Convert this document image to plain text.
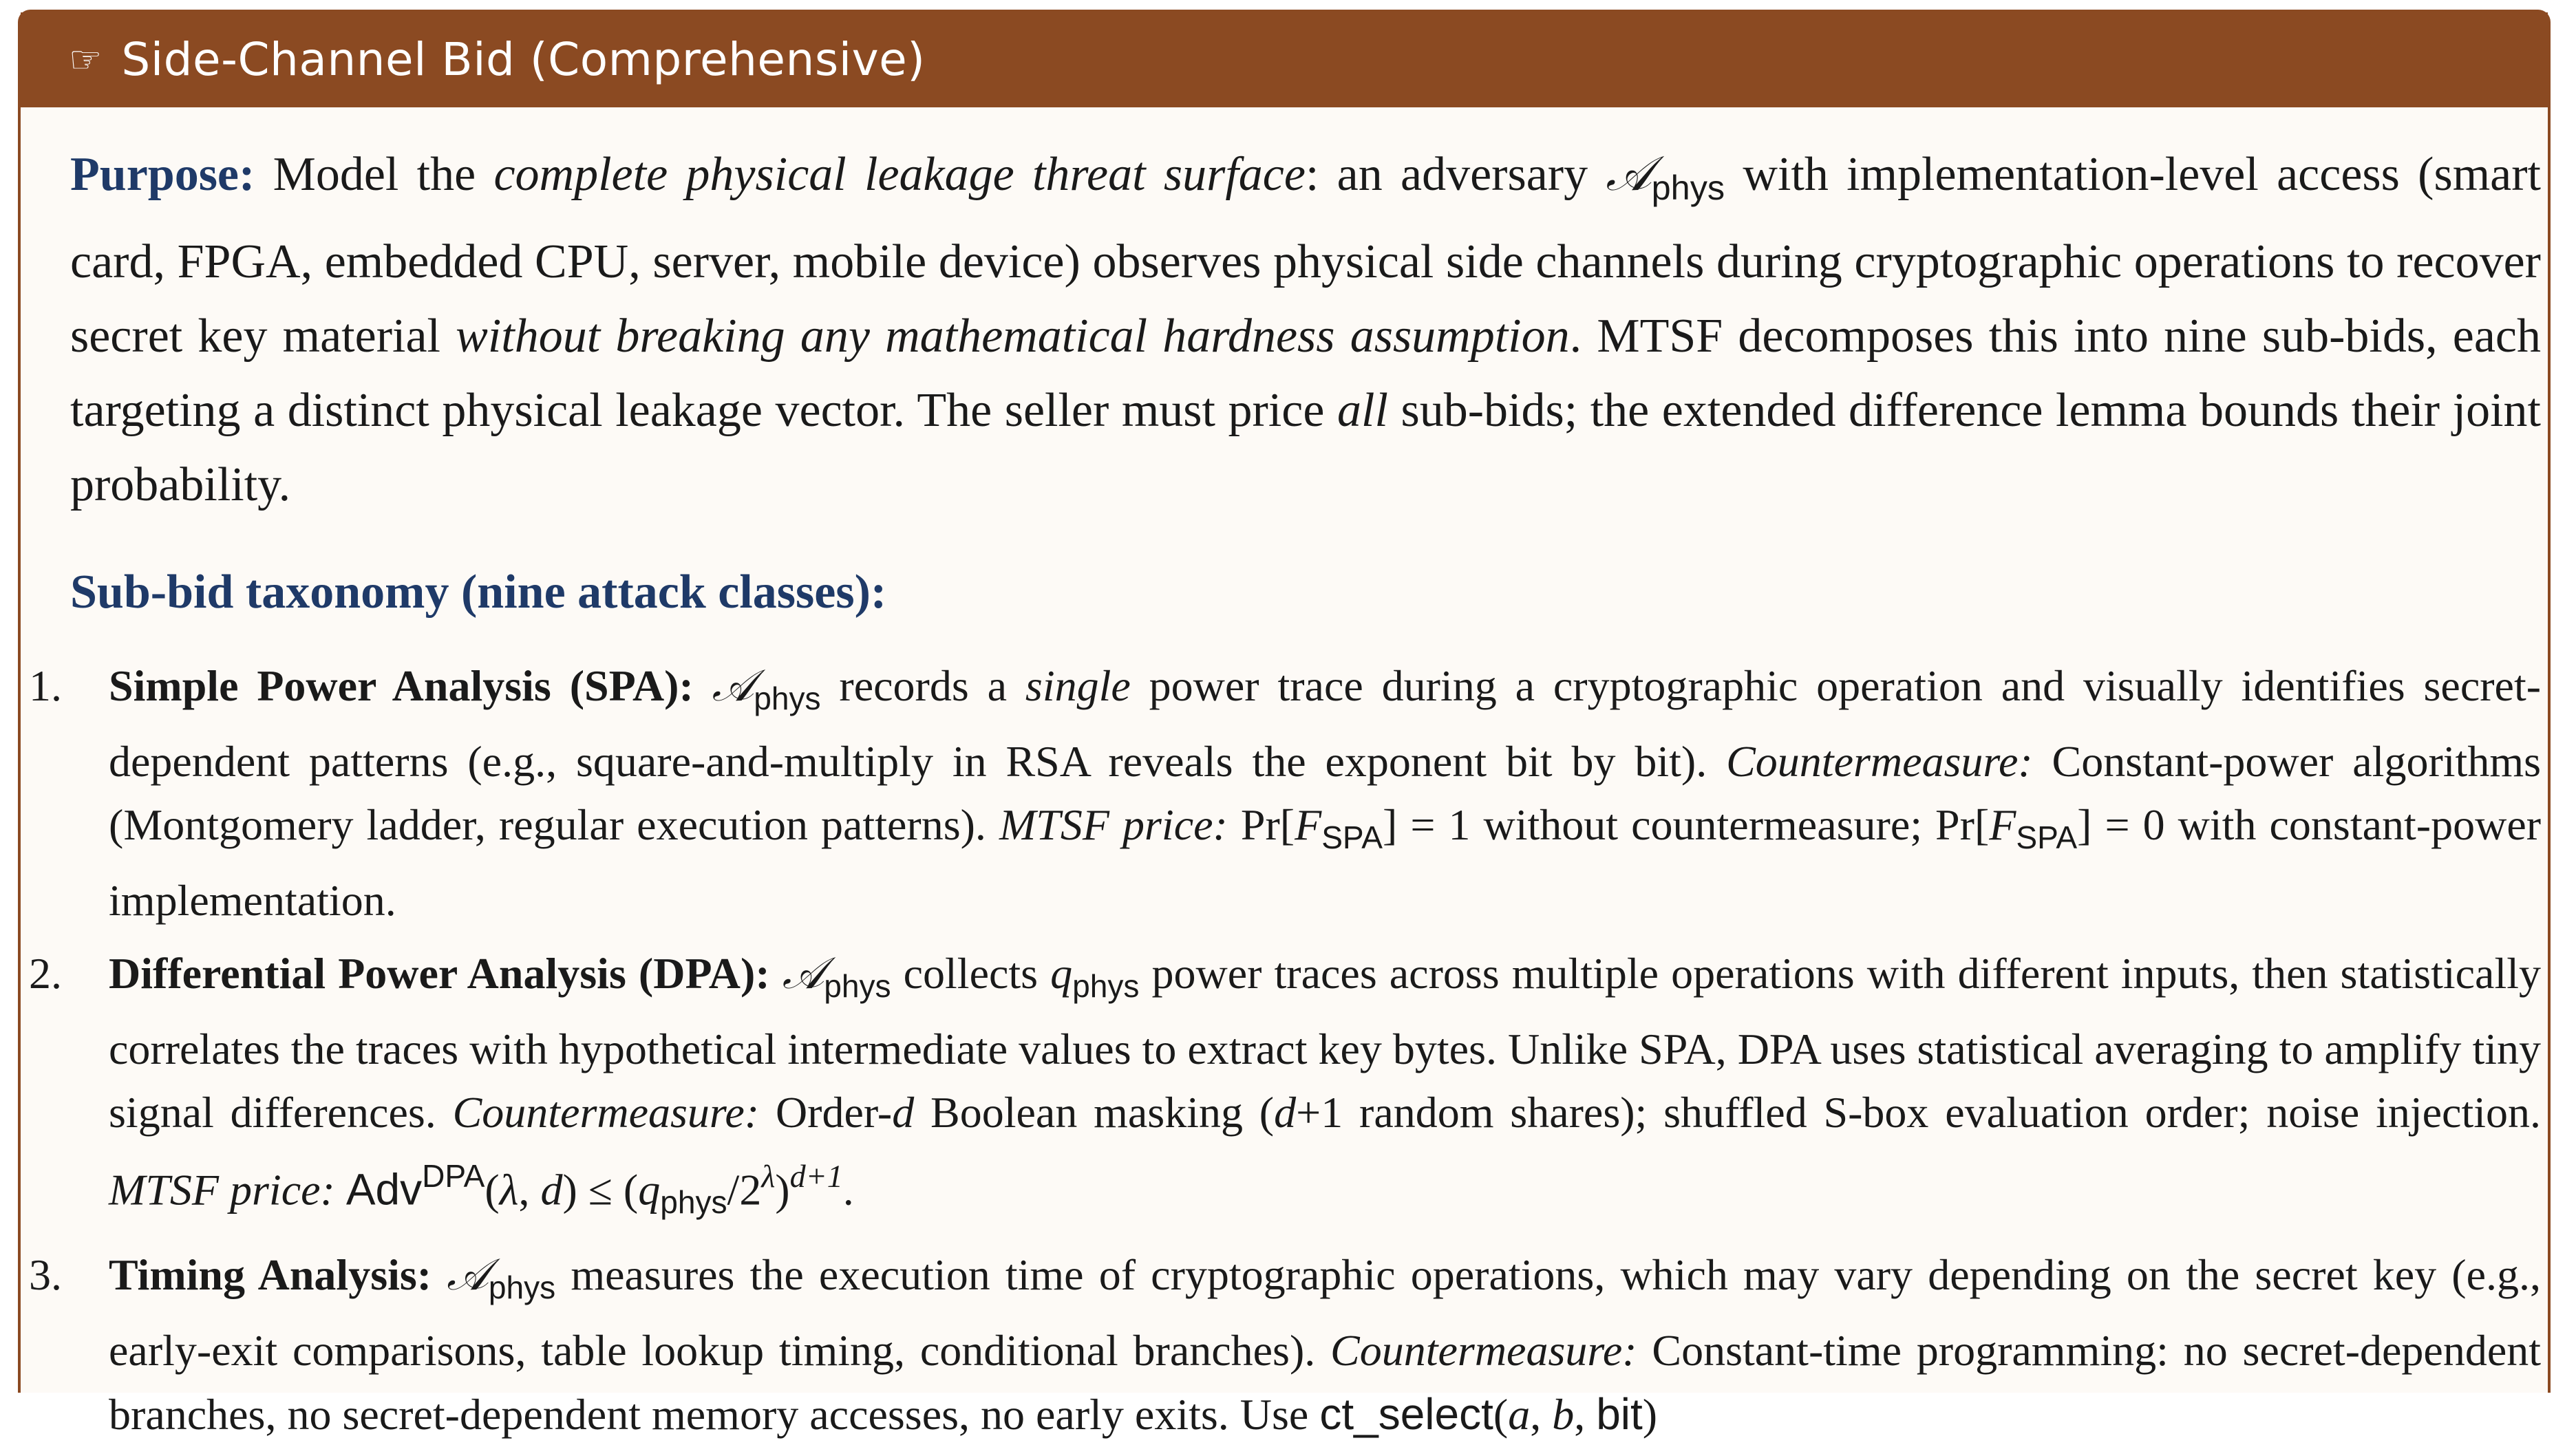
☞ Side-Channel Bid (Comprehensive)

Purpose: Model the complete physical leakage threat surface: an adversary 𝒜$_{phys}$ with implementation-level access (smart card, FPGA, embedded CPU, server, mobile device) observes physical side channels during cryptographic operations to recover secret key material without breaking any mathematical hardness assumption. MTSF decomposes this into nine sub-bids, each targeting a distinct physical leakage vector. The seller must price all sub-bids; the extended difference lemma bounds their joint probability.

Sub-bid taxonomy (nine attack classes):

1. Simple Power Analysis (SPA): 𝒜$_{phys}$ records a single power trace during a cryptographic operation and visually identifies secret-dependent patterns (e.g., square-and-multiply in RSA reveals the exponent bit by bit). Countermeasure: Constant-power algorithms (Montgomery ladder, regular execution patterns). MTSF price: $Pr[F_{SPA}] = 1$ without countermeasure; $Pr[F_{SPA}] = 0$ with constant-power implementation.
2. Differential Power Analysis (DPA): 𝒜$_{phys}$ collects $q_{phys}$ power traces across multiple operations with different inputs, then statistically correlates the traces with hypothetical intermediate values to extract key bytes. Unlike SPA, DPA uses statistical averaging to amplify tiny signal differences. Countermeasure: Order-d Boolean masking (d+1 random shares); shuffled S-box evaluation order; noise injection. MTSF price: Adv$^{DPA}$(λ, $d) \le (q_{phys}/2^\lambda)^{d+1}$.
3. Timing Analysis: 𝒜$_{phys}$ measures the execution time of cryptographic operations, which may vary depending on the secret key (e.g., early-exit comparisons, table lookup timing, conditional branches). Countermeasure: Constant-time programming: no secret-dependent branches, no secret-dependent memory accesses, no early exits. Use ct_select(a, b, bit)
